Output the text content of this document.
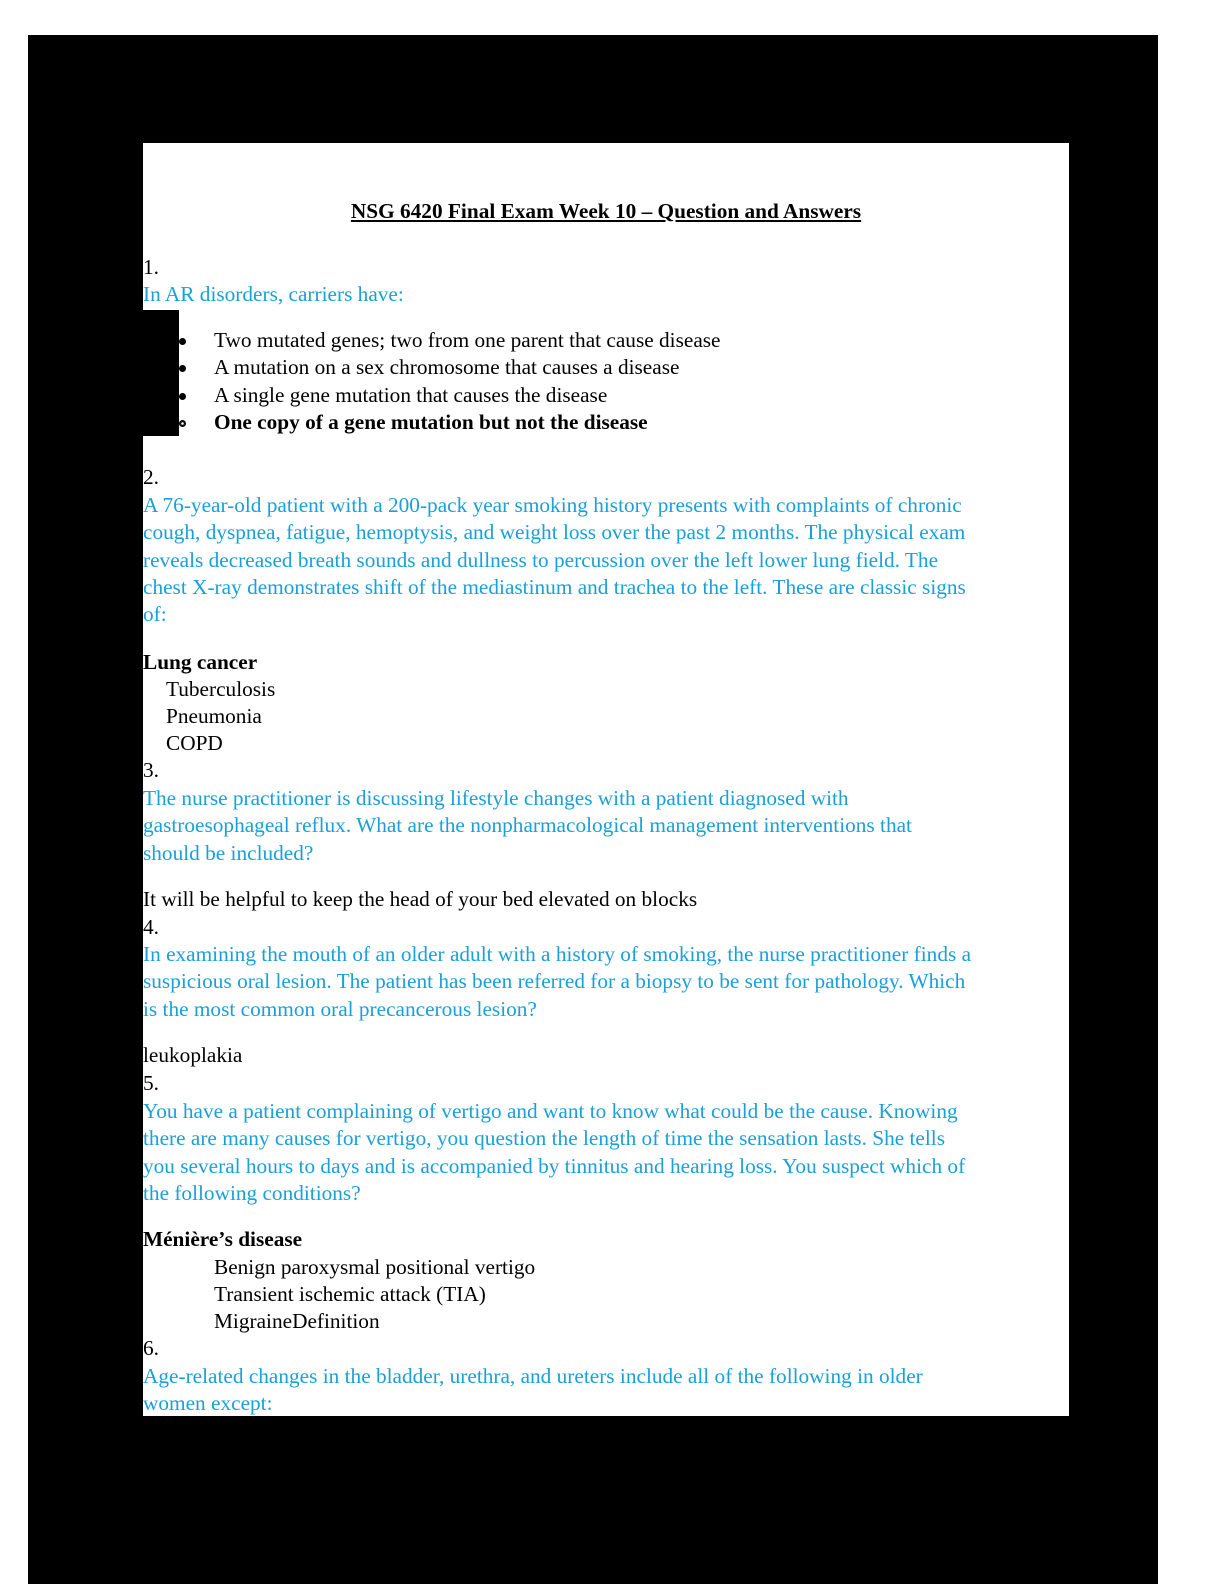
NSG 6420 Final Exam Week 10 – Question and Answers
1.
In AR disorders, carriers have:
Two mutated genes; two from one parent that cause disease
A mutation on a sex chromosome that causes a disease
A single gene mutation that causes the disease
One copy of a gene mutation but not the disease
2.
A 76-year-old patient with a 200-pack year smoking history presents with complaints of chronic
cough, dyspnea, fatigue, hemoptysis, and weight loss over the past 2 months. The physical exam
reveals decreased breath sounds and dullness to percussion over the left lower lung field. The
chest X-ray demonstrates shift of the mediastinum and trachea to the left. These are classic signs
of:
Lung cancer
Tuberculosis
Pneumonia
COPD
3.
The nurse practitioner is discussing lifestyle changes with a patient diagnosed with
gastroesophageal reflux. What are the nonpharmacological management interventions that
should be included?
It will be helpful to keep the head of your bed elevated on blocks
4.
In examining the mouth of an older adult with a history of smoking, the nurse practitioner finds a
suspicious oral lesion. The patient has been referred for a biopsy to be sent for pathology. Which
is the most common oral precancerous lesion?
leukoplakia
5.
You have a patient complaining of vertigo and want to know what could be the cause. Knowing
there are many causes for vertigo, you question the length of time the sensation lasts. She tells
you several hours to days and is accompanied by tinnitus and hearing loss. You suspect which of
the following conditions?
Ménière’s disease
Benign paroxysmal positional vertigo
Transient ischemic attack (TIA)
MigraineDefinition
6.
Age-related changes in the bladder, urethra, and ureters include all of the following in older
women except:
